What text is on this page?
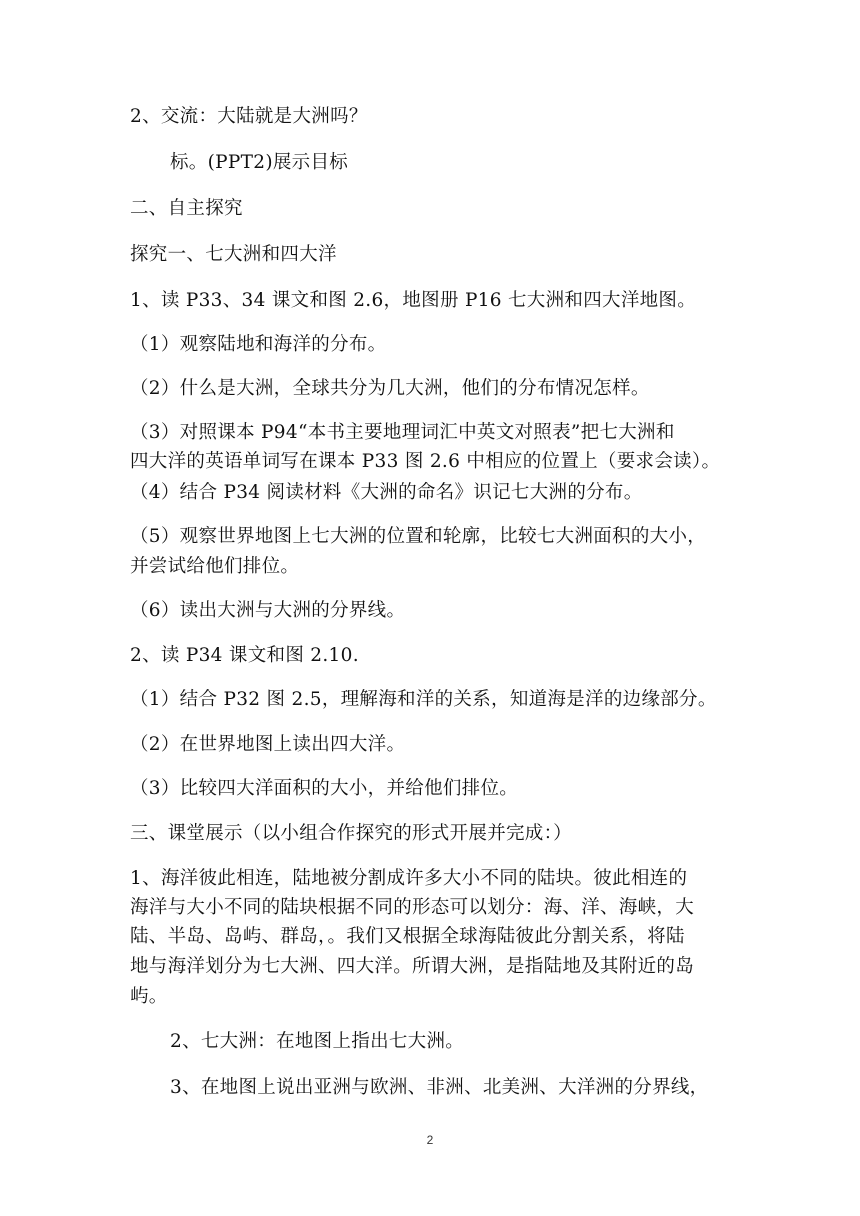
2、交流：大陆就是大洲吗？
标。(PPT2)展示目标
二、自主探究
探究一、七大洲和四大洋
1、读 P33、34 课文和图 2.6，地图册 P16 七大洲和四大洋地图。
（1）观察陆地和海洋的分布。
（2）什么是大洲，全球共分为几大洲，他们的分布情况怎样。
（3）对照课本 P94“本书主要地理词汇中英文对照表”把七大洲和
四大洋的英语单词写在课本 P33 图 2.6 中相应的位置上（要求会读）。
（4）结合 P34 阅读材料《大洲的命名》识记七大洲的分布。
（5）观察世界地图上七大洲的位置和轮廓，比较七大洲面积的大小，
并尝试给他们排位。
（6）读出大洲与大洲的分界线。
2、读 P34 课文和图 2.10.
（1）结合 P32 图 2.5，理解海和洋的关系，知道海是洋的边缘部分。
（2）在世界地图上读出四大洋。
（3）比较四大洋面积的大小，并给他们排位。
三、课堂展示（以小组合作探究的形式开展并完成：）
1、海洋彼此相连，陆地被分割成许多大小不同的陆块。彼此相连的
海洋与大小不同的陆块根据不同的形态可以划分：海、洋、海峡，大
陆、半岛、岛屿、群岛，。我们又根据全球海陆彼此分割关系，将陆
地与海洋划分为七大洲、四大洋。所谓大洲，是指陆地及其附近的岛
屿。
2、七大洲：在地图上指出七大洲。
3、在地图上说出亚洲与欧洲、非洲、北美洲、大洋洲的分界线，
2
